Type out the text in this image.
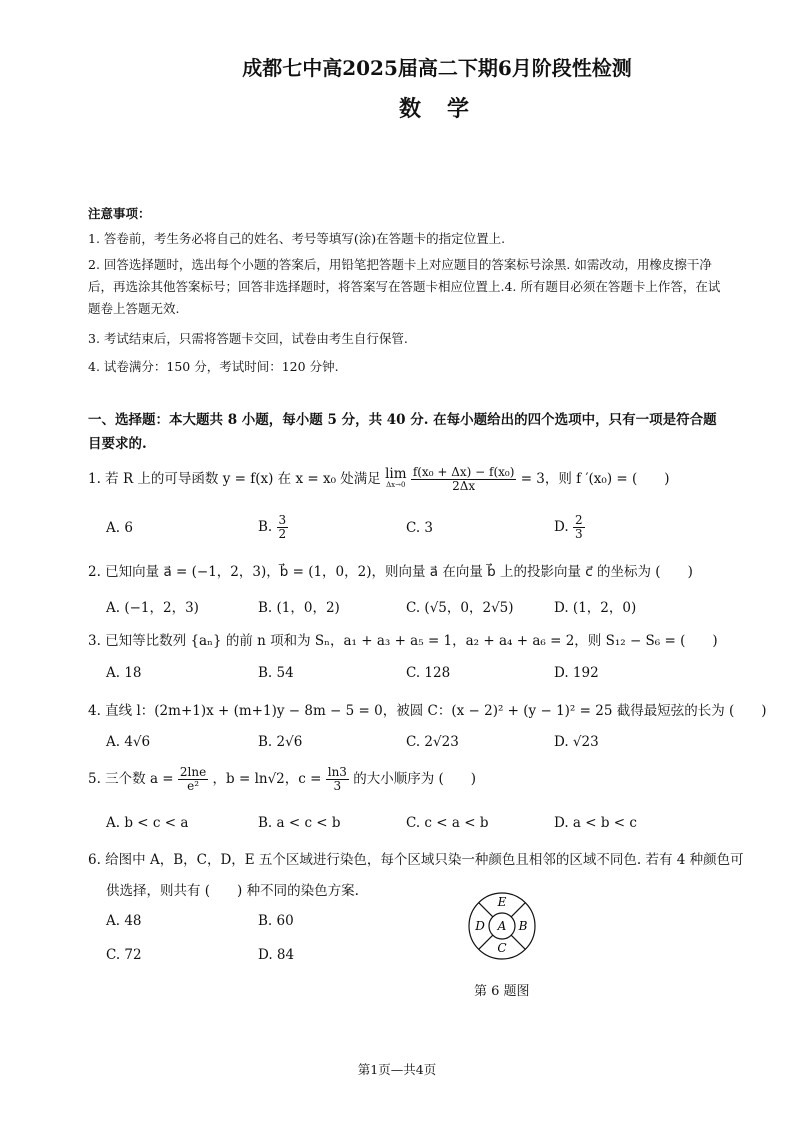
成都七中高2025届高二下期6月阶段性检测
数学
注意事项：
1. 答卷前，考生务必将自己的姓名、考号等填写(涂)在答题卡的指定位置上.
2. 回答选择题时，选出每个小题的答案后，用铅笔把答题卡上对应题目的答案标号涂黑. 如需改动，用橡皮擦干净后，再选涂其他答案标号；回答非选择题时，将答案写在答题卡相应位置上.4. 所有题目必须在答题卡上作答，在试题卷上答题无效.
3. 考试结束后，只需将答题卡交回，试卷由考生自行保管.
4. 试卷满分：150 分，考试时间：120 分钟.
一、选择题：本大题共 8 小题，每小题 5 分，共 40 分. 在每小题给出的四个选项中，只有一项是符合题目要求的.
1. 若 R 上的可导函数 y = f(x) 在 x = x₀ 处满足 lim
Δx→0
$\frac{\text{f(x₀ + Δx) − f(x₀)}}{2\Delta x} = 3$，则 f ′(x₀) = (　　)
A. 6	B. $\frac{3}{2}$	C. 3	D. $\frac{2}{3}$
2. 已知向量 a⃗ = (−1，2，3)，b⃗ = (1，0，2)，则向量 a⃗ 在向量 b⃗ 上的投影向量 c⃗ 的坐标为 (　　)
A. (−1，2，3)	B. (1，0，2)	C. (√5，0，2√5)	D. (1，2，0)
3. 已知等比数列 {aₙ} 的前 n 项和为 Sₙ，a₁ + a₃ + a₅ = 1，a₂ + a₄ + a₆ = 2，则 S₁₂ − S₆ = (　　)
A. 18	B. 54	C. 128	D. 192
4. 直线 l：(2m+1)x + (m+1)y − 8m − 5 = 0，被圆 C：(x − 2)² + (y − 1)² = 25 截得最短弦的长为 (　　)
A. 4√6	B. 2√6	C. 2√23	D. √23
5. 三个数 $a = \frac{2\ln e}{\text{e²}}$ ，b = ln√2，$c = \frac{\ln 3}{3}$ 的大小顺序为 (　　)
A. b < c < a	B. a < c < b	C. c < a < b	D. a < b < c
6. 给图中 A，B，C，D，E 五个区域进行染色，每个区域只染一种颜色且相邻的区域不同色. 若有 4 种颜色可
供选择，则共有 (　　) 种不同的染色方案.
A. 48	B. 60
C. 72	D. 84
E
B
C
D A
第 6 题图
第1页—共4页
